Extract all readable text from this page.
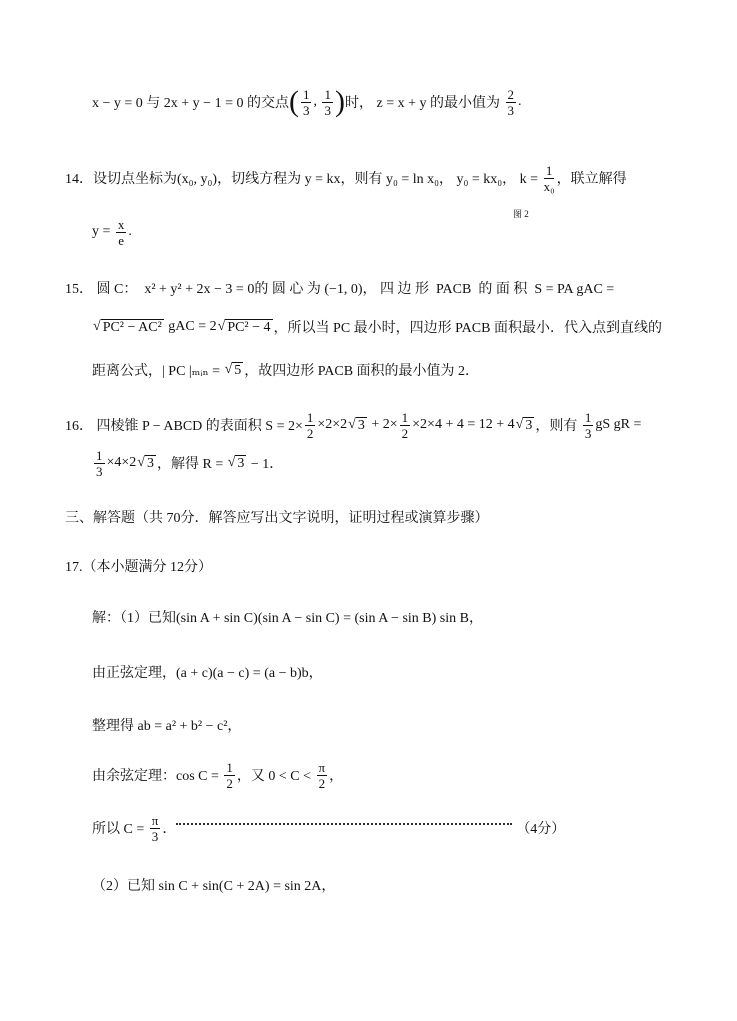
图 2
x − y = 0 与 2x + y − 1 = 0 的交点 ( $\frac{1}{3}$ , $\frac{1}{3}$ ) 时， z = x + y 的最小值为 $\frac{2}{3}$ .
14．设切点坐标为(x₀, y₀)，切线方程为 y = kx，则有 y₀ = ln x₀， y₀ = kx₀， $k = \frac{1}{\text{x₀}}$ ，联立解得
$y = \frac{x}{e}$ .
15． 圆 C：  x² + y² + 2x − 3 = 0的 圆 心 为 (−1, 0)， 四 边 形  PACB  的 面 积  S = PA gAC =
√ PC² − AC² gAC = 2 √ PC² − 4 ，所以当 PC 最小时，四边形 PACB 面积最小．代入点到直线的
距离公式，| PC |ₘᵢₙ = √ 5 ，故四边形 PACB 面积的最小值为 2．
16． 四棱锥 P − ABCD 的表面积 $S = 2\times \frac{1}{2} \times 2\times 2$ √ $3 + 2\times \frac{1}{2} \times 2\times 4 + 4 = 12 + 4$ √ 3 ，则有 $\frac{1}{3}$ gS gR =
$\frac{1}{3} \times 4\times 2$ √ 3 ，解得 R = √ 3 − 1．
三、解答题（共 70分．解答应写出文字说明，证明过程或演算步骤）
17.（本小题满分 12分）
解：（1）已知(sin A + sin C)(sin A − sin C) = (sin A − sin B) sin B，
由正弦定理，(a + c)(a − c) = (a − b)b，
整理得 ab = a² + b² − c²，
由余弦定理：$\cos C = \frac{1}{2}$ ，又 $0 < C < \frac{\pi}{2}$ ，
所以 $C = \frac{\pi}{3}$ ．	（4分）
（2）已知 sin C + sin(C + 2A) = sin 2A，
